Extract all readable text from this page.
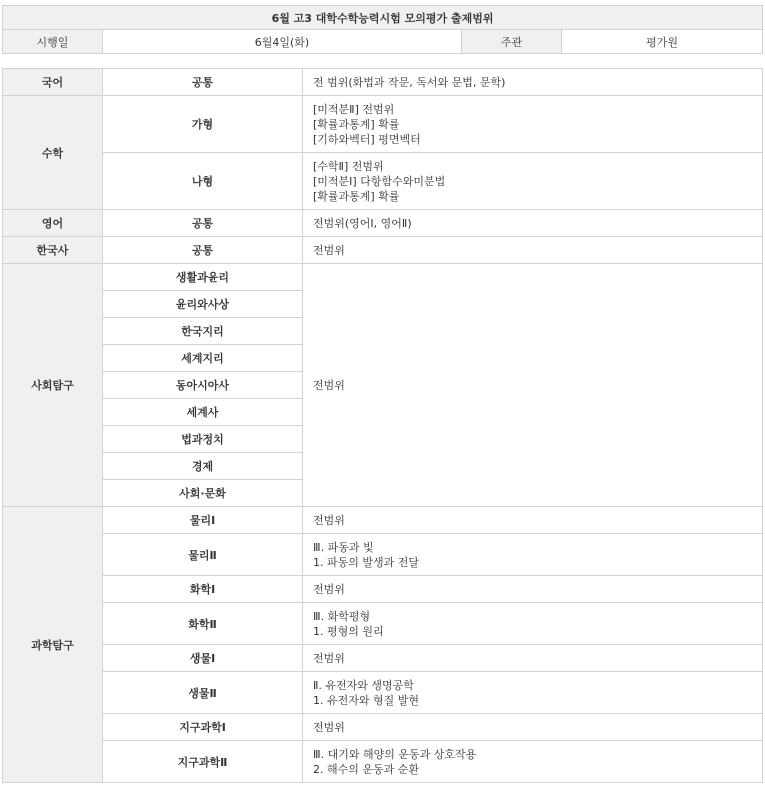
6월 고3 대학수학능력시험 모의평가 출제범위
시행일	6월4일(화)	주관	평가원
국어	공통	전 범위(화법과 작문, 독서와 문법, 문학)
수학	가형	[미적분Ⅱ] 전범위
[확률과통계] 확률
[기하와벡터] 평면벡터

	나형	[수학Ⅱ] 전범위
[미적분Ⅰ] 다항함수와미분법
[확률과통계] 확률

영어	공통	전범위(영어Ⅰ, 영어Ⅱ)
한국사	공통	전범위
사회탐구	생활과윤리	전범위
	윤리와사상	
	한국지리	
	세계지리	
	동아시아사	
	세계사	
	법과정치	
	경제	
	사회·문화	
과학탐구	물리Ⅰ	전범위

	물리Ⅱ	Ⅲ. 파동과 빛
1. 파동의 발생과 전달

	화학Ⅰ	전범위

	화학Ⅱ	Ⅲ. 화학평형
1. 평형의 원리

	생물Ⅰ	전범위

	생물Ⅱ	Ⅱ. 유전자와 생명공학
1. 유전자와 형질 발현

	지구과학Ⅰ	전범위

	지구과학Ⅱ	Ⅲ. 대기와 해양의 운동과 상호작용
2. 해수의 운동과 순환
